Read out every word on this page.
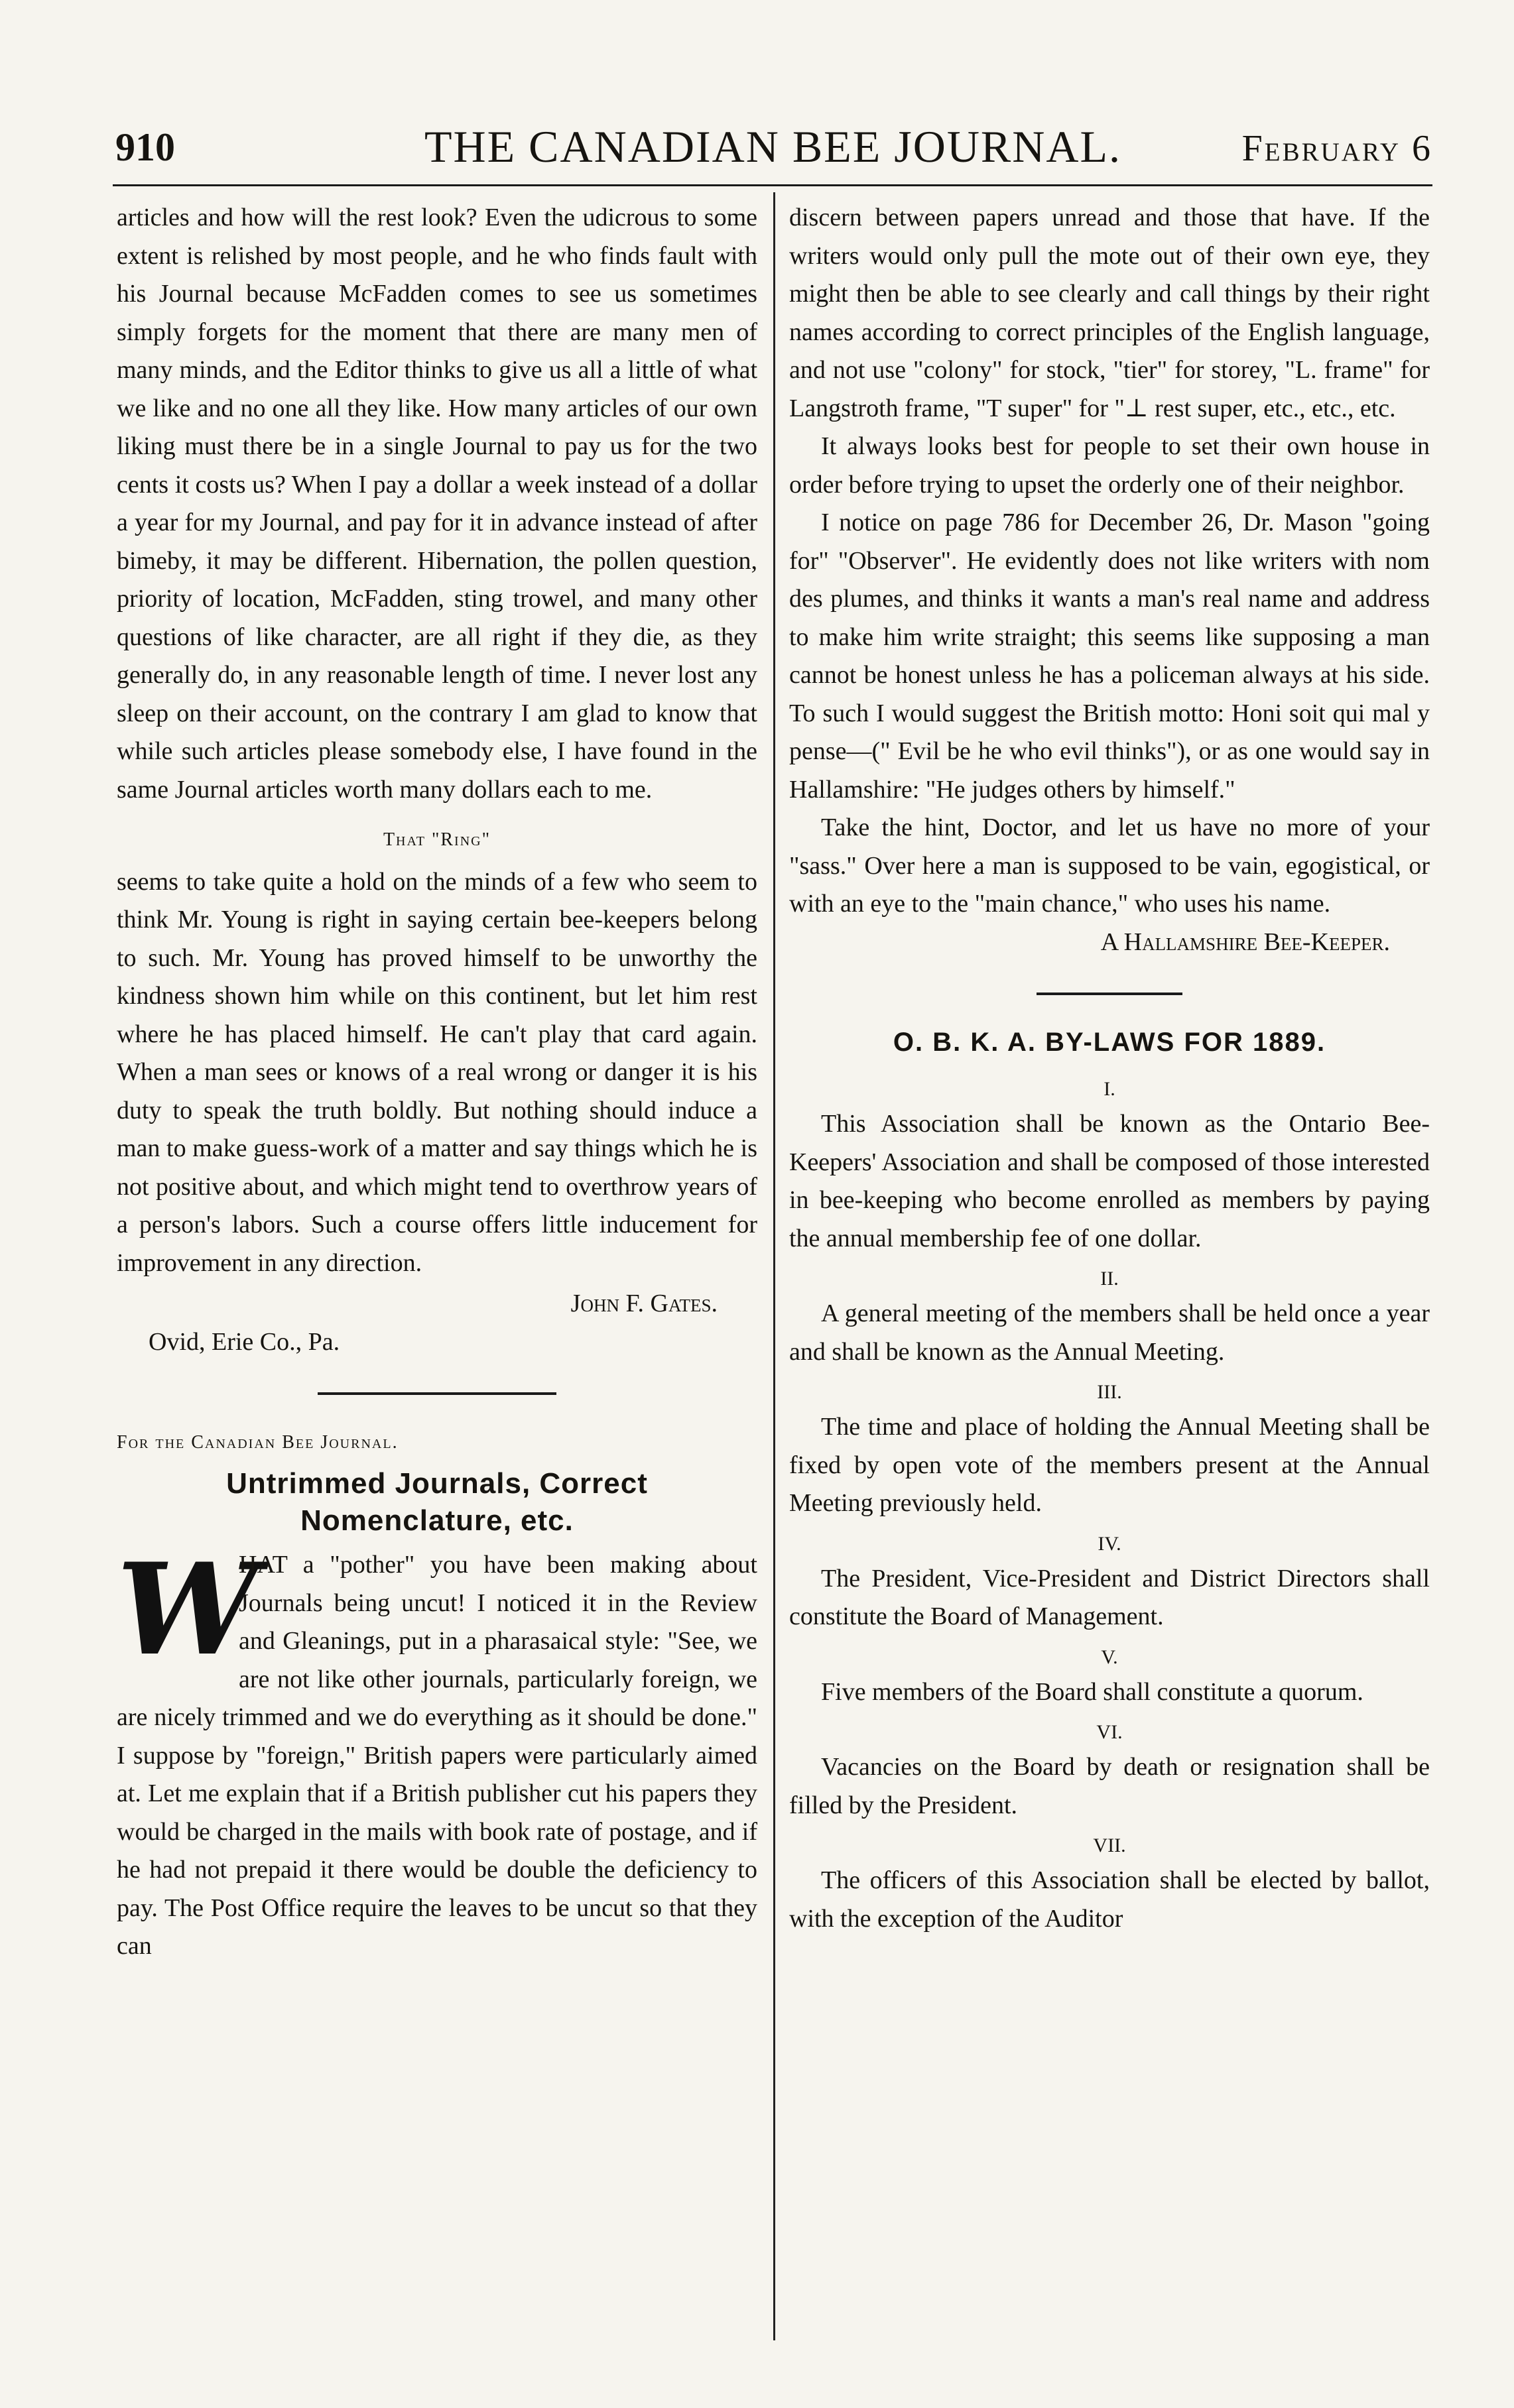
910	THE CANADIAN BEE JOURNAL.	February 6

articles and how will the rest look? Even the udicrous to some extent is relished by most people, and he who finds fault with his Journal because McFadden comes to see us sometimes simply forgets for the moment that there are many men of many minds, and the Editor thinks to give us all a little of what we like and no one all they like. How many articles of our own liking must there be in a single Journal to pay us for the two cents it costs us? When I pay a dollar a week instead of a dollar a year for my Journal, and pay for it in advance instead of after bimeby, it may be different. Hibernation, the pollen question, priority of location, McFadden, sting trowel, and many other questions of like character, are all right if they die, as they generally do, in any reasonable length of time. I never lost any sleep on their account, on the contrary I am glad to know that while such articles please somebody else, I have found in the same Journal articles worth many dollars each to me.

That "Ring"

seems to take quite a hold on the minds of a few who seem to think Mr. Young is right in saying certain bee-keepers belong to such. Mr. Young has proved himself to be unworthy the kindness shown him while on this continent, but let him rest where he has placed himself. He can't play that card again. When a man sees or knows of a real wrong or danger it is his duty to speak the truth boldly. But nothing should induce a man to make guess-work of a matter and say things which he is not positive about, and which might tend to overthrow years of a person's labors. Such a course offers little inducement for improvement in any direction.

John F. Gates.

Ovid, Erie Co., Pa.

For the Canadian Bee Journal.

Untrimmed Journals, Correct Nomenclature, etc.
W

HAT a "pother" you have been making about Journals being uncut! I noticed it in the Review and Gleanings, put in a pharasaical style: "See, we are not like other journals, particularly foreign, we are nicely trimmed and we do everything as it should be done." I suppose by "foreign," British papers were particularly aimed at. Let me explain that if a British publisher cut his papers they would be charged in the mails with book rate of postage, and if he had not prepaid it there would be double the deficiency to pay. The Post Office require the leaves to be uncut so that they can

discern between papers unread and those that have. If the writers would only pull the mote out of their own eye, they might then be able to see clearly and call things by their right names according to correct principles of the English language, and not use "colony" for stock, "tier" for storey, "L. frame" for Langstroth frame, "T super" for "⊥ rest super, etc., etc., etc.

It always looks best for people to set their own house in order before trying to upset the orderly one of their neighbor.

I notice on page 786 for December 26, Dr. Mason "going for" "Observer". He evidently does not like writers with nom des plumes, and thinks it wants a man's real name and address to make him write straight; this seems like supposing a man cannot be honest unless he has a policeman always at his side. To such I would suggest the British motto: Honi soit qui mal y pense—(" Evil be he who evil thinks"), or as one would say in Hallamshire: "He judges others by himself."

Take the hint, Doctor, and let us have no more of your "sass." Over here a man is supposed to be vain, egogistical, or with an eye to the "main chance," who uses his name.

A Hallamshire Bee-Keeper.

O. B. K. A. BY-LAWS FOR 1889.

I.

This Association shall be known as the Ontario Bee-Keepers' Association and shall be composed of those interested in bee-keeping who become enrolled as members by paying the annual membership fee of one dollar.

II.

A general meeting of the members shall be held once a year and shall be known as the Annual Meeting.

III.

The time and place of holding the Annual Meeting shall be fixed by open vote of the members present at the Annual Meeting previously held.

IV.

The President, Vice-President and District Directors shall constitute the Board of Management.

V.

Five members of the Board shall constitute a quorum.

VI.

Vacancies on the Board by death or resignation shall be filled by the President.

VII.

The officers of this Association shall be elected by ballot, with the exception of the Auditor
